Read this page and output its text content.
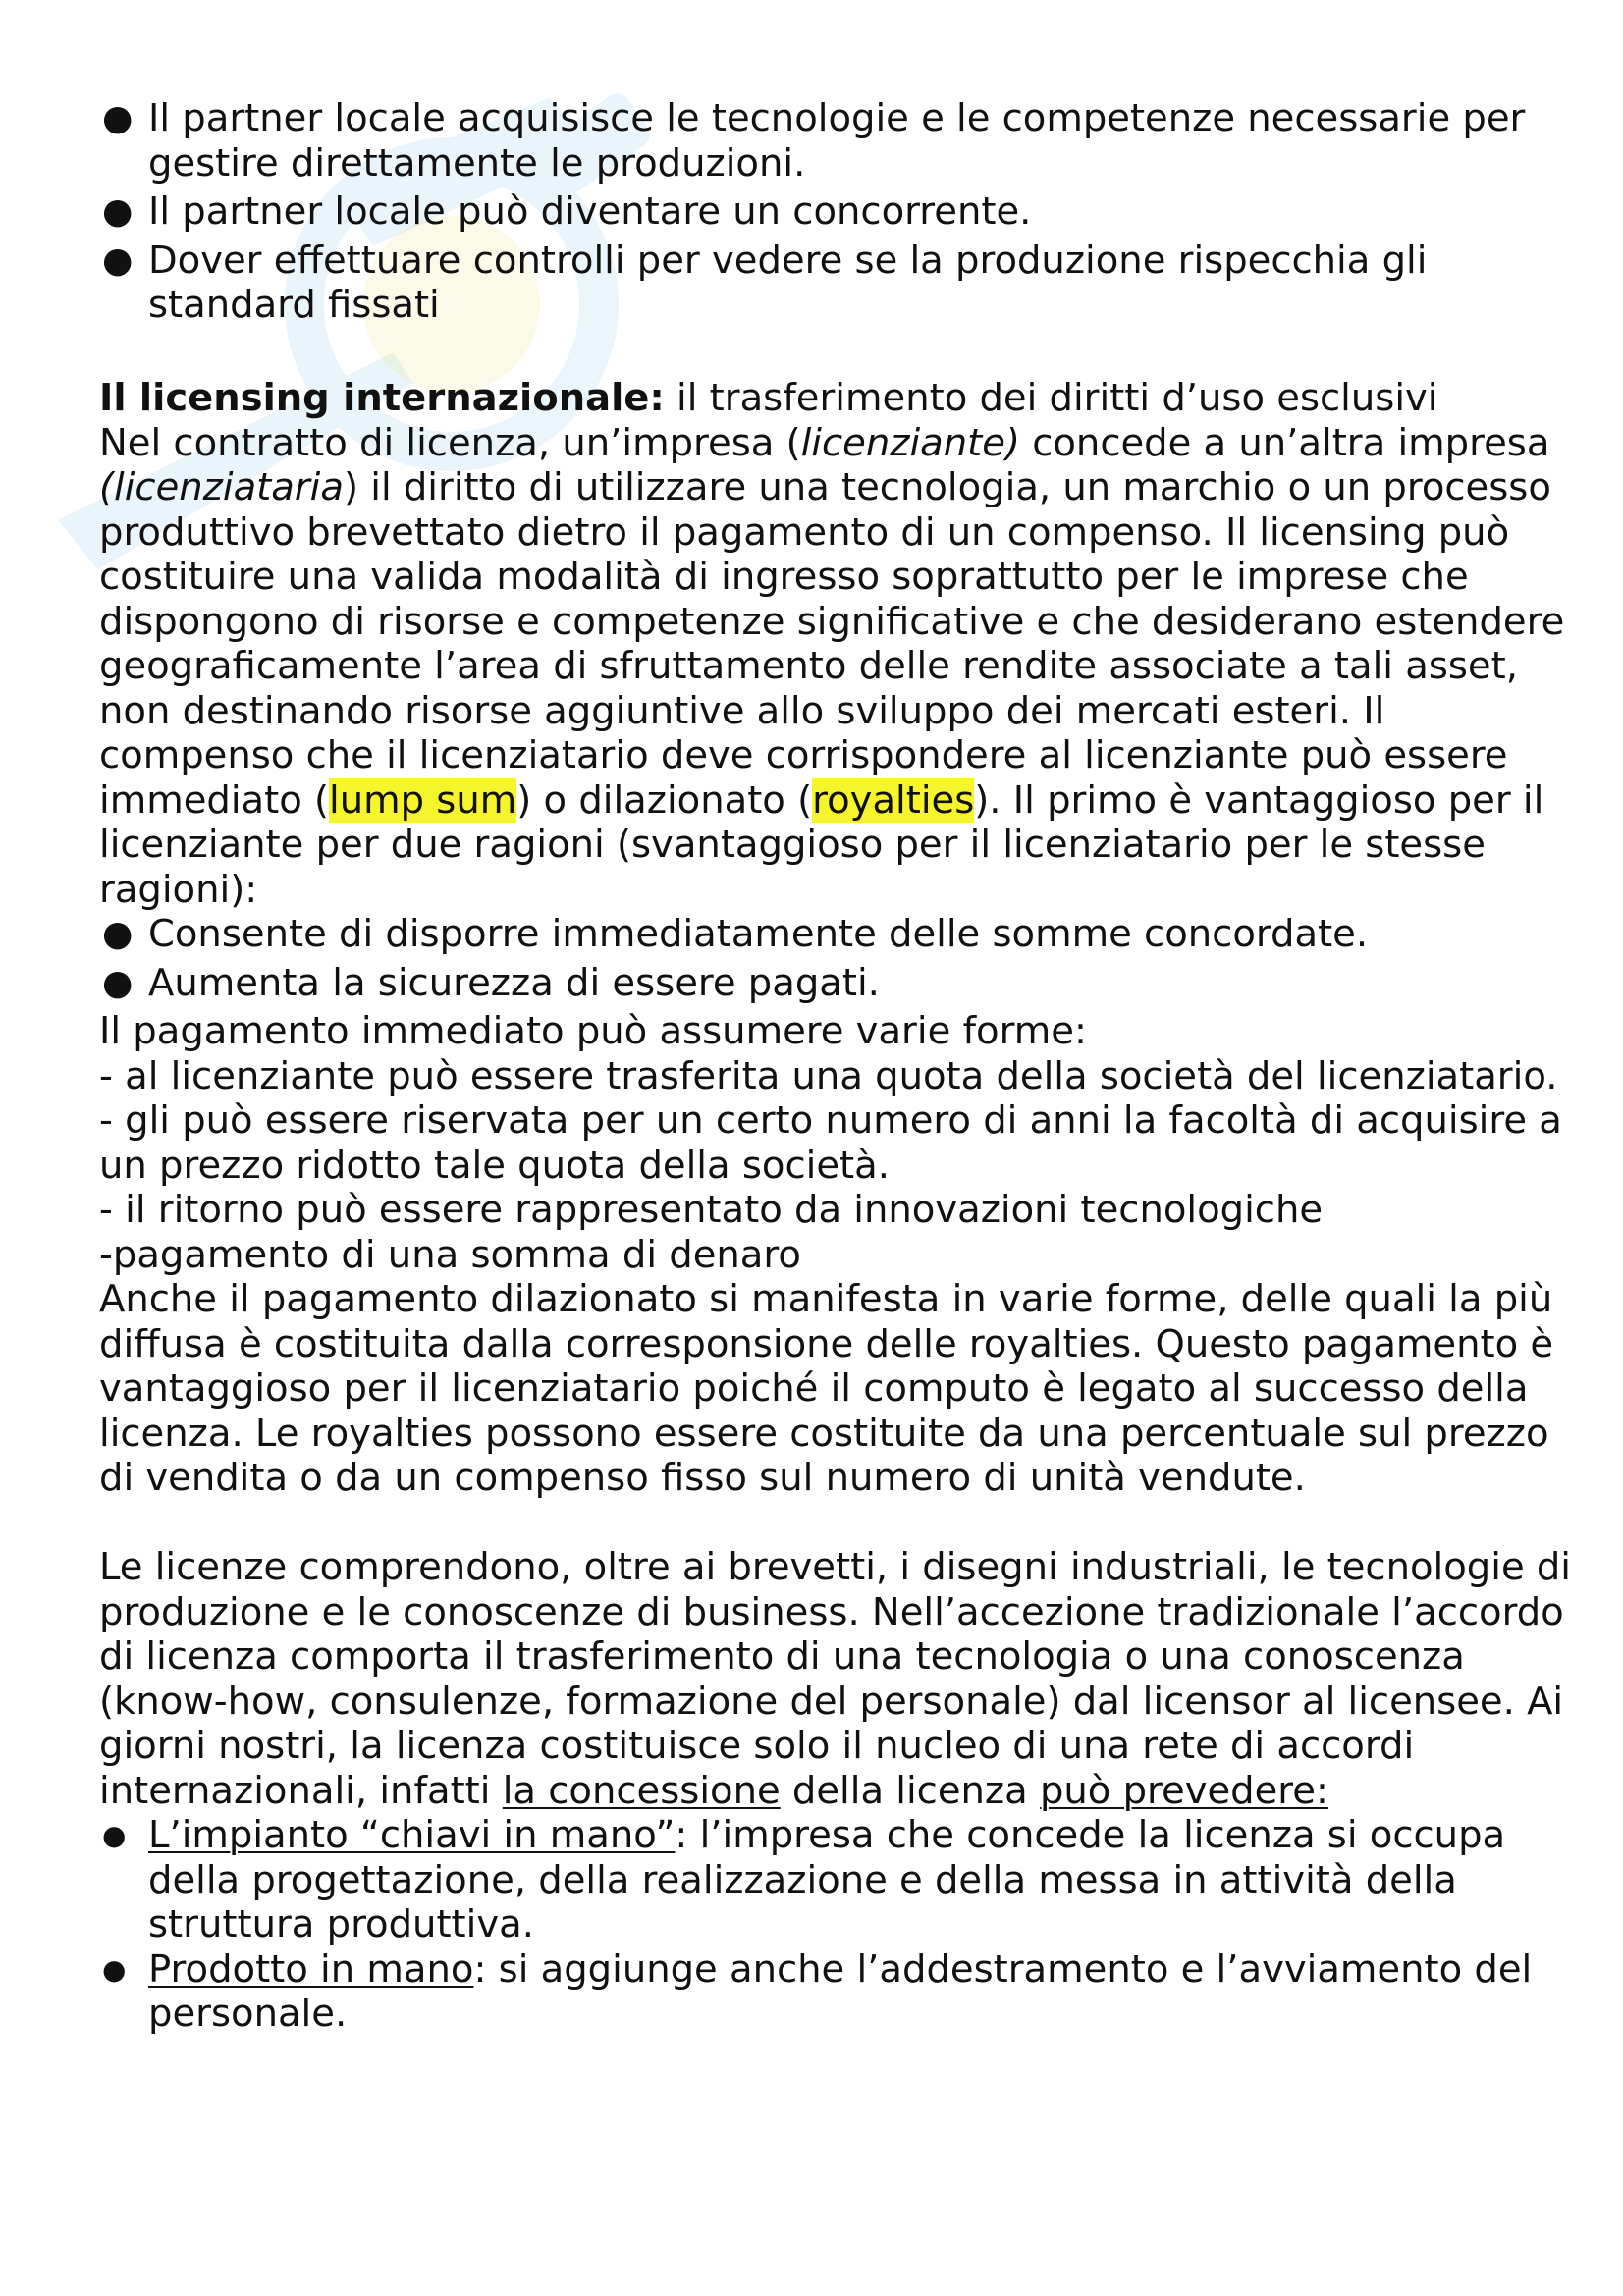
● Il partner locale acquisisce le tecnologie e le competenze necessarie per gestire direttamente le produzioni.
● Il partner locale può diventare un concorrente.
● Dover effettuare controlli per vedere se la produzione rispecchia gli standard fissati

Il licensing internazionale: il trasferimento dei diritti d’uso esclusivi

Nel contratto di licenza, un’impresa (licenziante) concede a un’altra impresa (licenziataria) il diritto di utilizzare una tecnologia, un marchio o un processo produttivo brevettato dietro il pagamento di un compenso. Il licensing può costituire una valida modalità di ingresso soprattutto per le imprese che dispongono di risorse e competenze significative e che desiderano estendere geograficamente l’area di sfruttamento delle rendite associate a tali asset, non destinando risorse aggiuntive allo sviluppo dei mercati esteri. Il compenso che il licenziatario deve corrispondere al licenziante può essere immediato (lump sum) o dilazionato (royalties). Il primo è vantaggioso per il licenziante per due ragioni (svantaggioso per il licenziatario per le stesse ragioni):

● Consente di disporre immediatamente delle somme concordate.
● Aumenta la sicurezza di essere pagati.

Il pagamento immediato può assumere varie forme:

- al licenziante può essere trasferita una quota della società del licenziatario.

- gli può essere riservata per un certo numero di anni la facoltà di acquisire a un prezzo ridotto tale quota della società.

- il ritorno può essere rappresentato da innovazioni tecnologiche

-pagamento di una somma di denaro

Anche il pagamento dilazionato si manifesta in varie forme, delle quali la più diffusa è costituita dalla corresponsione delle royalties. Questo pagamento è vantaggioso per il licenziatario poiché il computo è legato al successo della licenza. Le royalties possono essere costituite da una percentuale sul prezzo di vendita o da un compenso fisso sul numero di unità vendute.

Le licenze comprendono, oltre ai brevetti, i disegni industriali, le tecnologie di produzione e le conoscenze di business. Nell’accezione tradizionale l’accordo di licenza comporta il trasferimento di una tecnologia o una conoscenza (know-how, consulenze, formazione del personale) dal licensor al licensee. Ai giorni nostri, la licenza costituisce solo il nucleo di una rete di accordi internazionali, infatti la concessione della licenza può prevedere:

● L’impianto “chiavi in mano”: l’impresa che concede la licenza si occupa della progettazione, della realizzazione e della messa in attività della struttura produttiva.
● Prodotto in mano: si aggiunge anche l’addestramento e l’avviamento del personale.
